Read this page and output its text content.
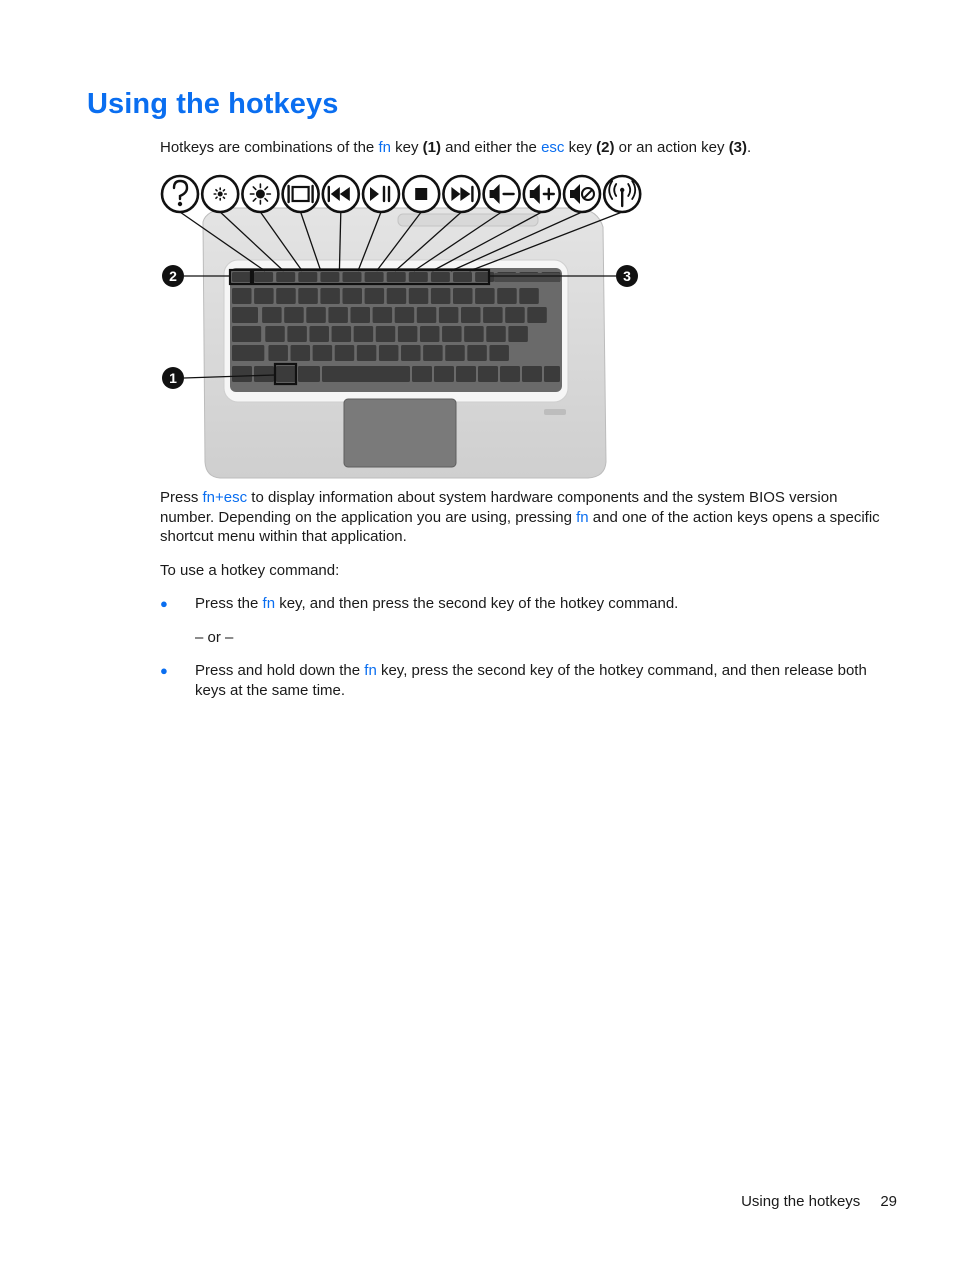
Using the hotkeys

Hotkeys are combinations of the fn key (1) and either the esc key (2) or an action key (3).

1
2	3

Press fn+esc to display information about system hardware components and the system BIOS version number. Depending on the application you are using, pressing fn and one of the action keys opens a specific shortcut menu within that application.

To use a hotkey command:

● Press the fn key, and then press the second key of the hotkey command.

– or –

● Press and hold down the fn key, press the second key of the hotkey command, and then release both keys at the same time.
Using the hotkeys 29
